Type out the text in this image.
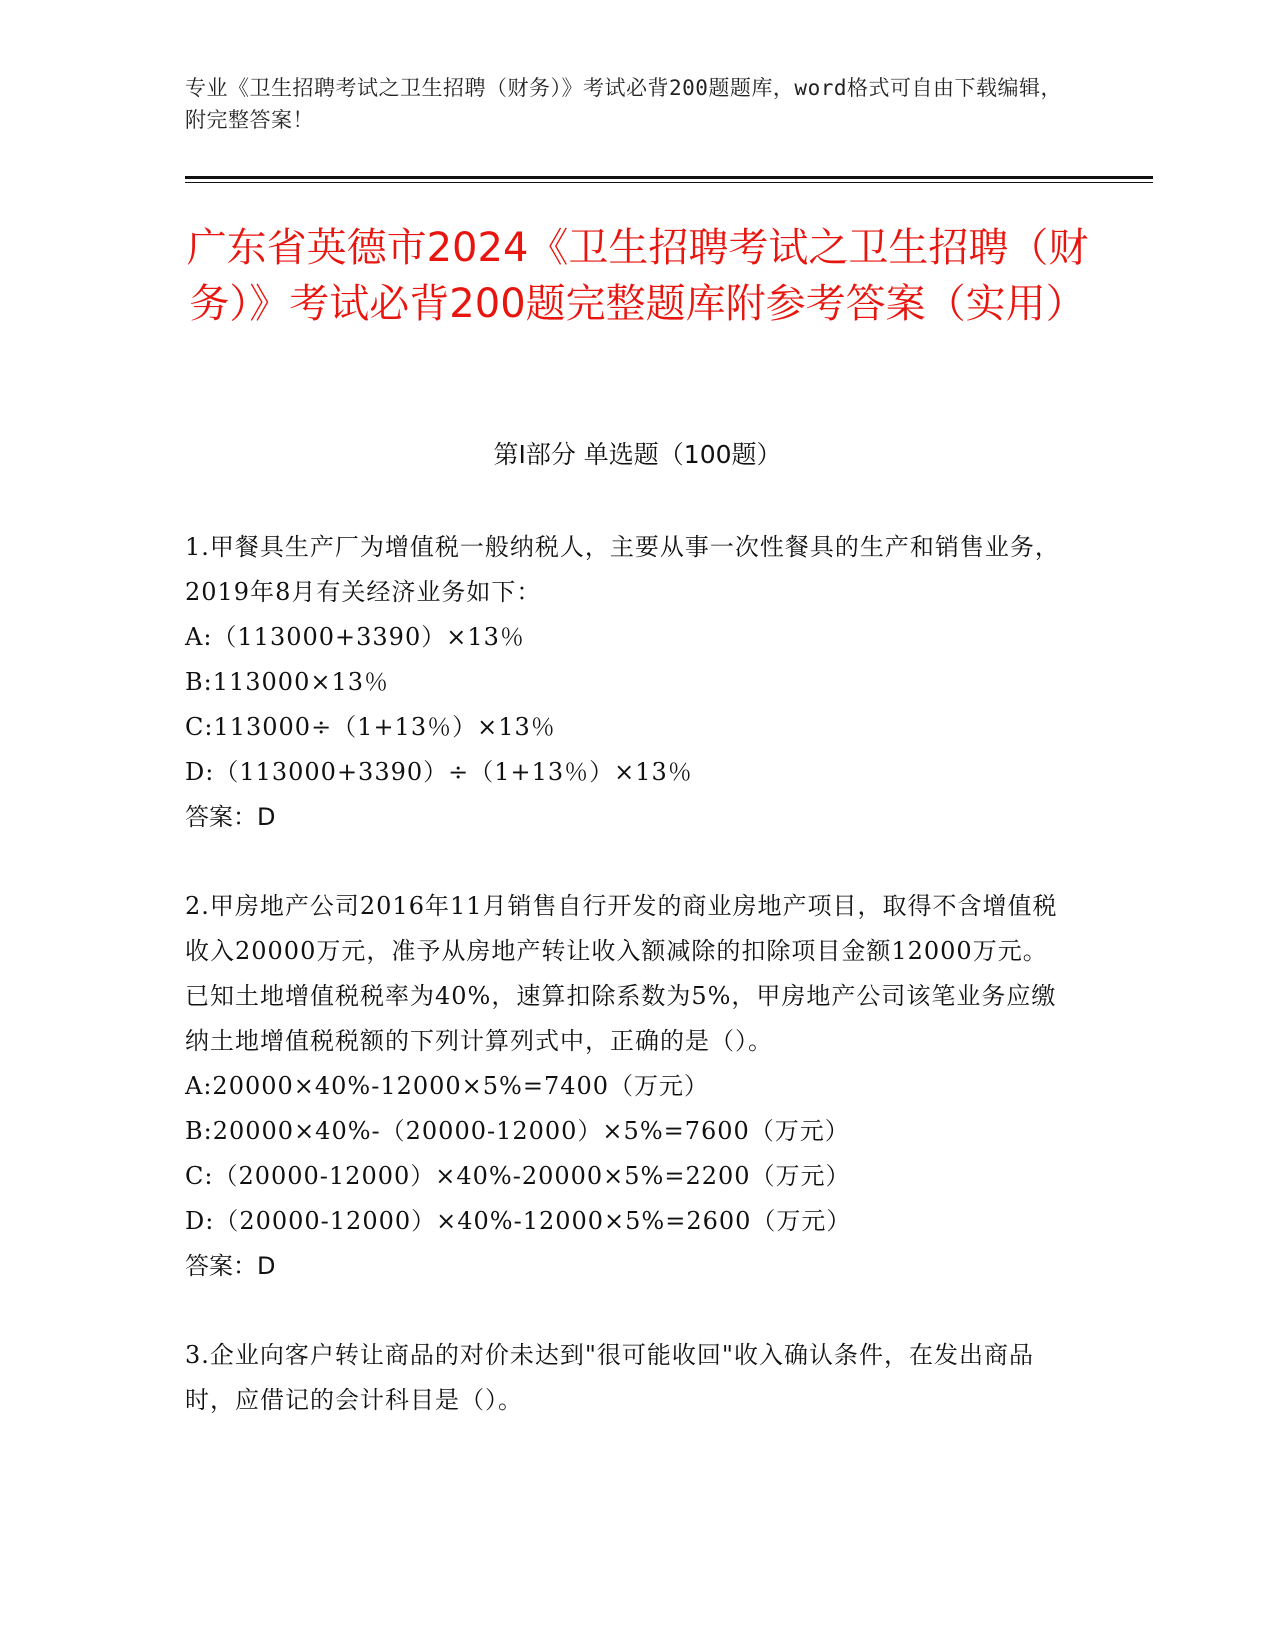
专业《卫生招聘考试之卫生招聘（财务）》考试必背200题题库，word格式可自由下载编辑，附完整答案！
广东省英德市2024《卫生招聘考试之卫生招聘（财务）》考试必背200题完整题库附参考答案（实用）
第Ⅰ部分 单选题（100题）

1.甲餐具生产厂为增值税一般纳税人，主要从事一次性餐具的生产和销售业务，2019年8月有关经济业务如下：

A:（113000+3390）×13％

B:113000×13％

C:113000÷（1+13％）×13％

D:（113000+3390）÷（1+13％）×13％

答案：D

2.甲房地产公司2016年11月销售自行开发的商业房地产项目，取得不含增值税收入20000万元，准予从房地产转让收入额减除的扣除项目金额12000万元。已知土地增值税税率为40%，速算扣除系数为5%，甲房地产公司该笔业务应缴纳土地增值税税额的下列计算列式中，正确的是（）。

A:20000×40%-12000×5%=7400（万元）

B:20000×40%-（20000-12000）×5%=7600（万元）

C:（20000-12000）×40%-20000×5%=2200（万元）

D:（20000-12000）×40%-12000×5%=2600（万元）

答案：D

3.企业向客户转让商品的对价未达到"很可能收回"收入确认条件，在发出商品时，应借记的会计科目是（）。
